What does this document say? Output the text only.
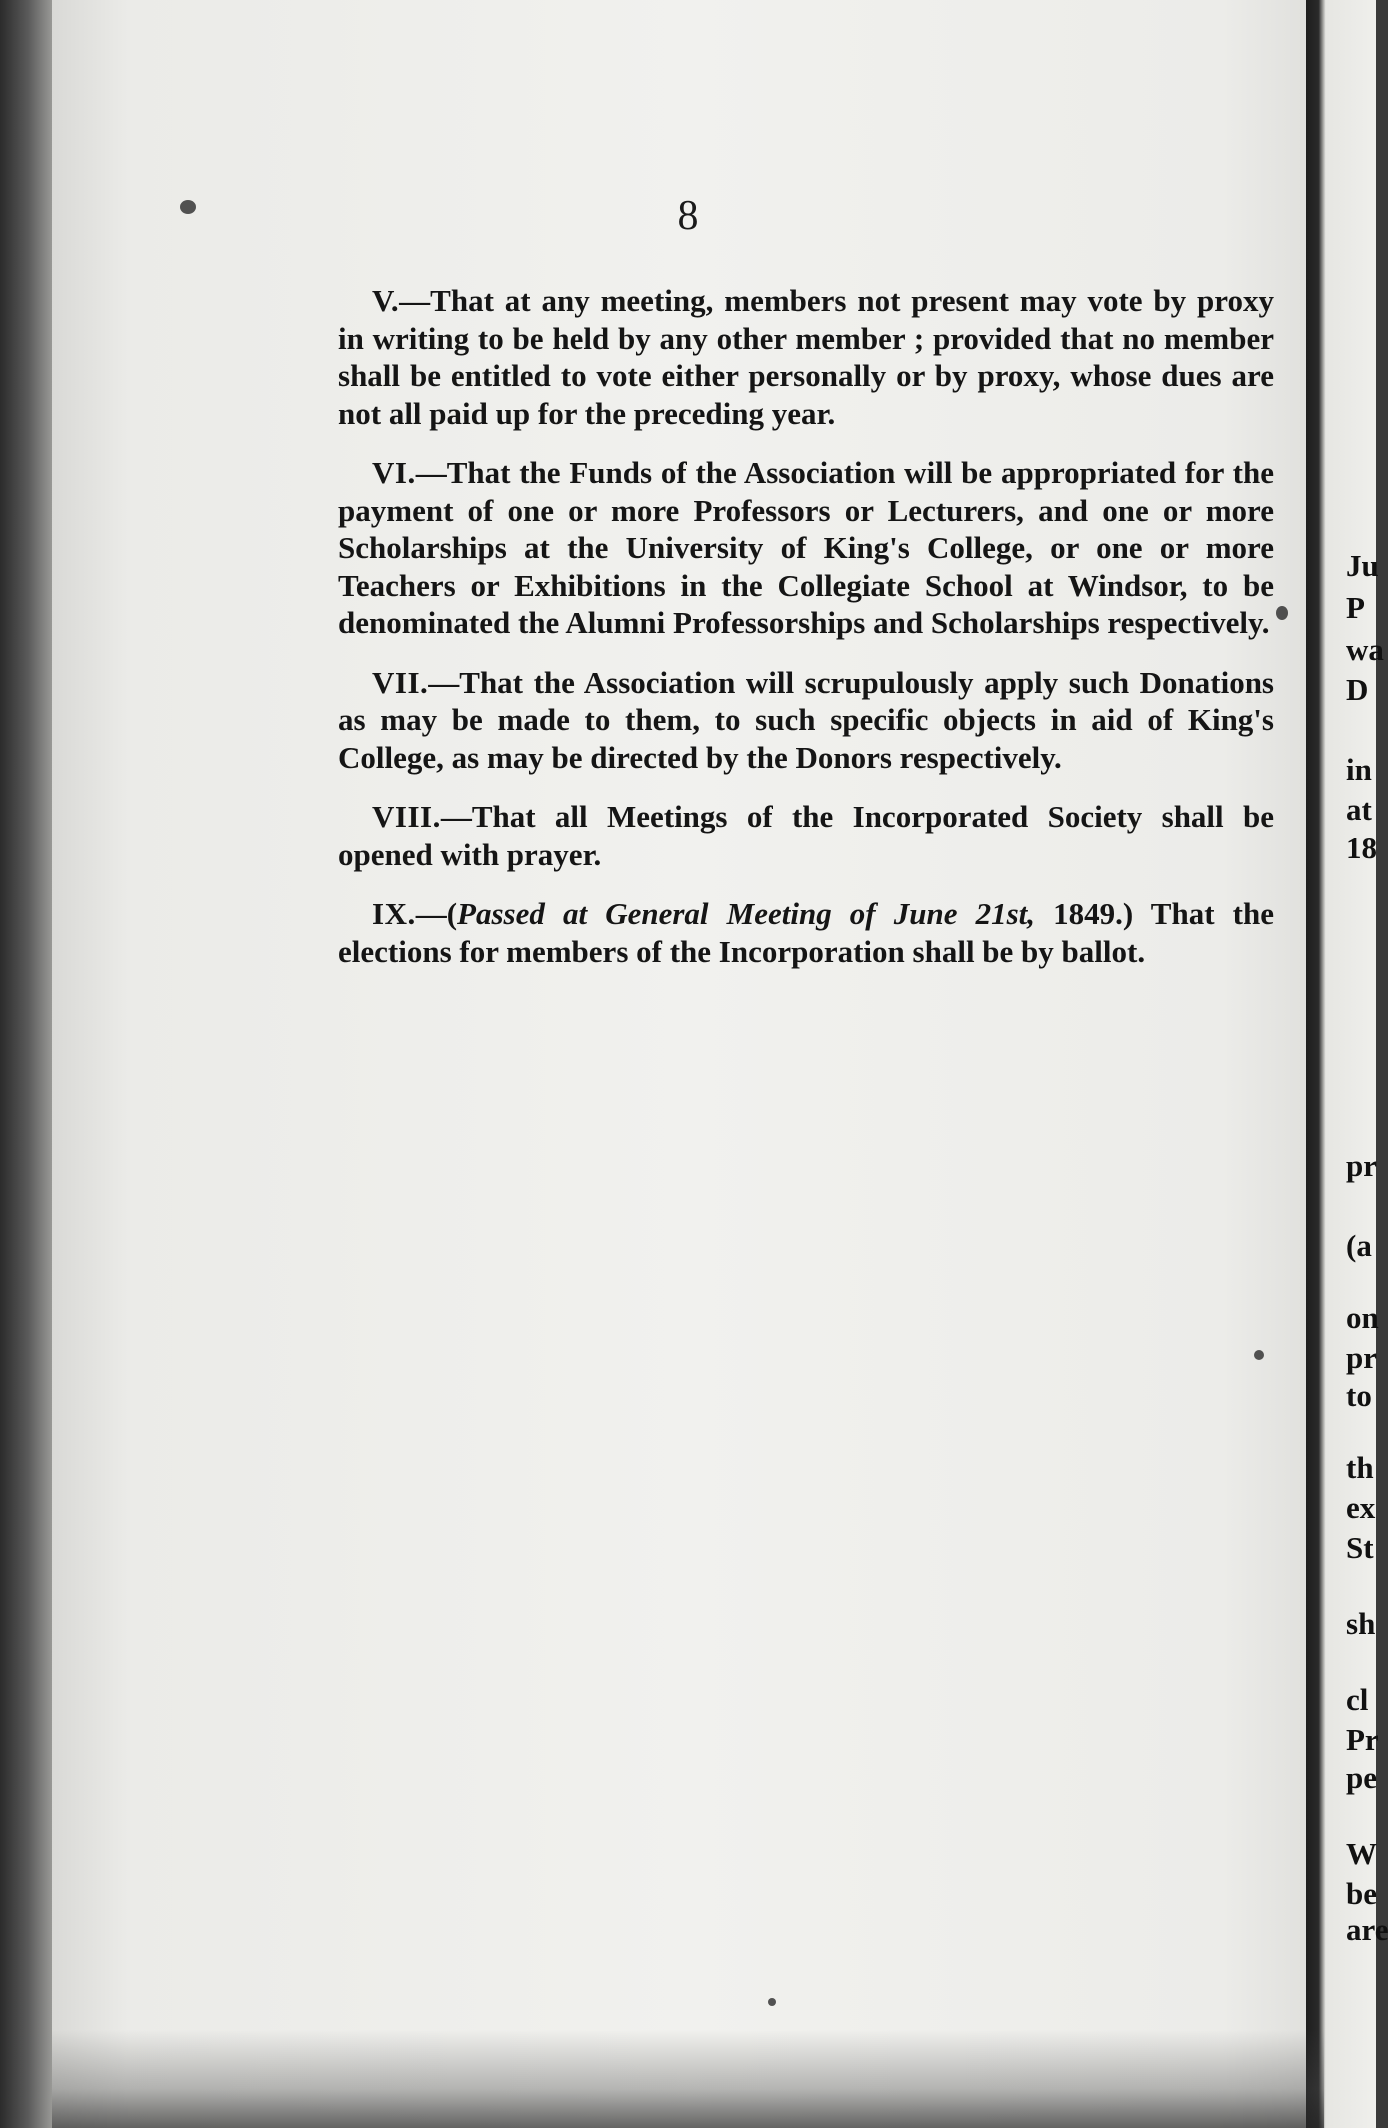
8

V.—That at any meeting, members not present may vote by proxy in writing to be held by any other member ; provided that no member shall be entitled to vote either personally or by proxy, whose dues are not all paid up for the preceding year.

VI.—That the Funds of the Association will be appropriated for the payment of one or more Professors or Lecturers, and one or more Scholarships at the University of King's College, or one or more Teachers or Exhibitions in the Collegiate School at Windsor, to be denominated the Alumni Professorships and Scholarships respectively.

VII.—That the Association will scrupulously apply such Donations as may be made to them, to such specific objects in aid of King's College, as may be directed by the Donors respectively.

VIII.—That all Meetings of the Incorporated Society shall be opened with prayer.

IX.—(Passed at General Meeting of June 21st, 1849.) That the elections for members of the Incorporation shall be by ballot.

Ju
P
wa
D
in
at
18
pr
(a
on
pr
to
th
ex
St
sh
cl
Pr
pe
W
be
are
